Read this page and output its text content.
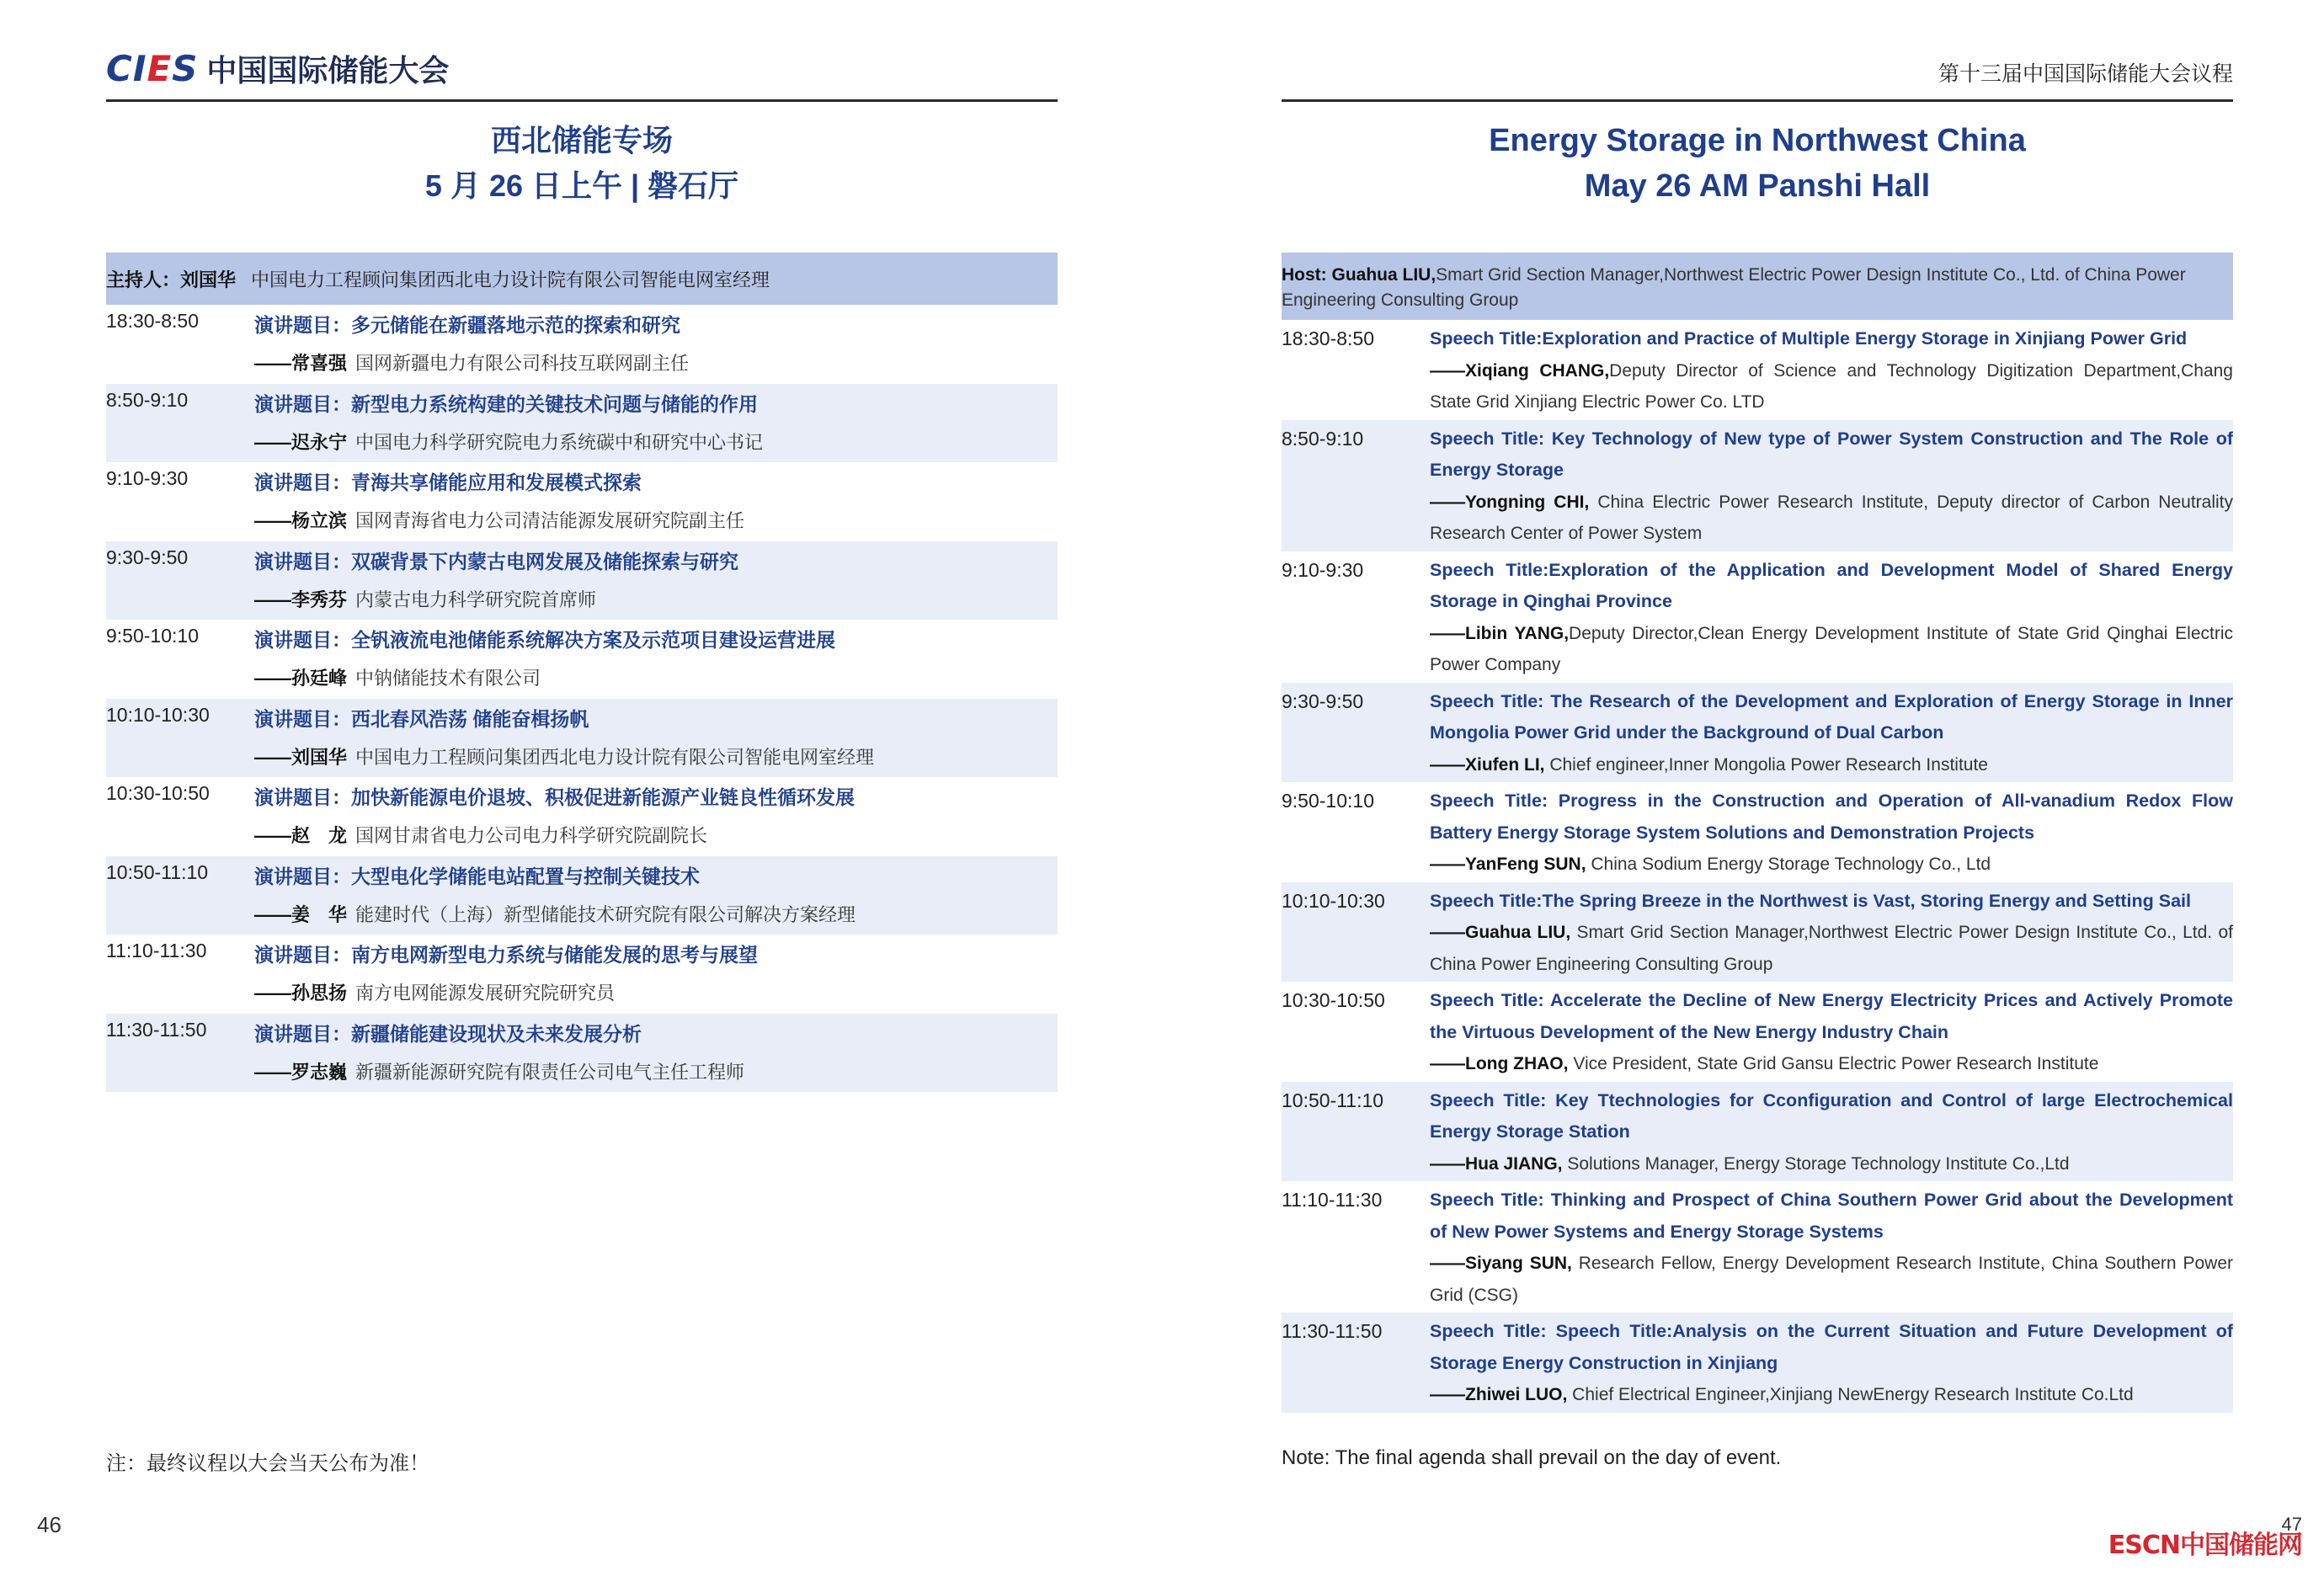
CIES 中国国际储能大会
西北储能专场
5 月 26 日上午 | 磐石厅
主持人：刘国华 中国电力工程顾问集团西北电力设计院有限公司智能电网室经理
18:30-8:50	演讲题目：多元储能在新疆落地示范的探索和研究
——常喜强 国网新疆电力有限公司科技互联网副主任
8:50-9:10	演讲题目：新型电力系统构建的关键技术问题与储能的作用
——迟永宁 中国电力科学研究院电力系统碳中和研究中心书记
9:10-9:30	演讲题目：青海共享储能应用和发展模式探索
——杨立滨 国网青海省电力公司清洁能源发展研究院副主任
9:30-9:50	演讲题目：双碳背景下内蒙古电网发展及储能探索与研究
——李秀芬 内蒙古电力科学研究院首席师
9:50-10:10	演讲题目：全钒液流电池储能系统解决方案及示范项目建设运营进展
——孙廷峰 中钠储能技术有限公司
10:10-10:30 演讲题目：西北春风浩荡 储能奋楫扬帆
——刘国华 中国电力工程顾问集团西北电力设计院有限公司智能电网室经理
10:30-10:50 演讲题目：加快新能源电价退坡、积极促进新能源产业链良性循环发展
——赵　龙 国网甘肃省电力公司电力科学研究院副院长
10:50-11:10 演讲题目：大型电化学储能电站配置与控制关键技术
——姜　华 能建时代（上海）新型储能技术研究院有限公司解决方案经理
11:10-11:30 演讲题目：南方电网新型电力系统与储能发展的思考与展望
——孙思扬 南方电网能源发展研究院研究员
11:30-11:50 演讲题目：新疆储能建设现状及未来发展分析
——罗志巍 新疆新能源研究院有限责任公司电气主任工程师
注：最终议程以大会当天公布为准！
46
第十三届中国国际储能大会议程
Energy Storage in Northwest China
May 26 AM Panshi Hall
Host: Guahua LIU,Smart Grid Section Manager,Northwest Electric Power Design Institute Co., Ltd. of China Power Engineering Consulting Group
18:30-8:50	Speech Title:Exploration and Practice of Multiple Energy Storage in Xinjiang Power Grid
——Xiqiang CHANG,Deputy Director of Science and Technology Digitization Department,Chang State Grid Xinjiang Electric Power Co. LTD
8:50-9:10	Speech Title: Key Technology of New type of Power System Construction and The Role of Energy Storage
——Yongning CHI, China Electric Power Research Institute, Deputy director of Carbon Neutrality Research Center of Power System
9:10-9:30	Speech Title:Exploration of the Application and Development Model of Shared Energy Storage in Qinghai Province
——Libin YANG,Deputy Director,Clean Energy Development Institute of State Grid Qinghai Electric Power Company
9:30-9:50	Speech Title: The Research of the Development and Exploration of Energy Storage in Inner Mongolia Power Grid under the Background of Dual Carbon
——Xiufen LI, Chief engineer,Inner Mongolia Power Research Institute
9:50-10:10	Speech Title: Progress in the Construction and Operation of All-vanadium Redox Flow Battery Energy Storage System Solutions and Demonstration Projects
——YanFeng SUN, China Sodium Energy Storage Technology Co., Ltd
10:10-10:30	Speech Title:The Spring Breeze in the Northwest is Vast, Storing Energy and Setting Sail
——Guahua LIU, Smart Grid Section Manager,Northwest Electric Power Design Institute Co., Ltd. of China Power Engineering Consulting Group
10:30-10:50	Speech Title: Accelerate the Decline of New Energy Electricity Prices and Actively Promote the Virtuous Development of the New Energy Industry Chain
——Long ZHAO, Vice President, State Grid Gansu Electric Power Research Institute
10:50-11:10	Speech Title: Key Ttechnologies for Cconfiguration and Control of large Electrochemical Energy Storage Station
——Hua JIANG, Solutions Manager, Energy Storage Technology Institute Co.,Ltd
11:10-11:30	Speech Title: Thinking and Prospect of China Southern Power Grid about the Development of New Power Systems and Energy Storage Systems
——Siyang SUN, Research Fellow, Energy Development Research Institute, China Southern Power Grid (CSG)
11:30-11:50	Speech Title: Speech Title:Analysis on the Current Situation and Future Development of Storage Energy Construction in Xinjiang
——Zhiwei LUO, Chief Electrical Engineer,Xinjiang NewEnergy Research Institute Co.Ltd
Note: The final agenda shall prevail on the day of event.
47
ESCN中国储能网
